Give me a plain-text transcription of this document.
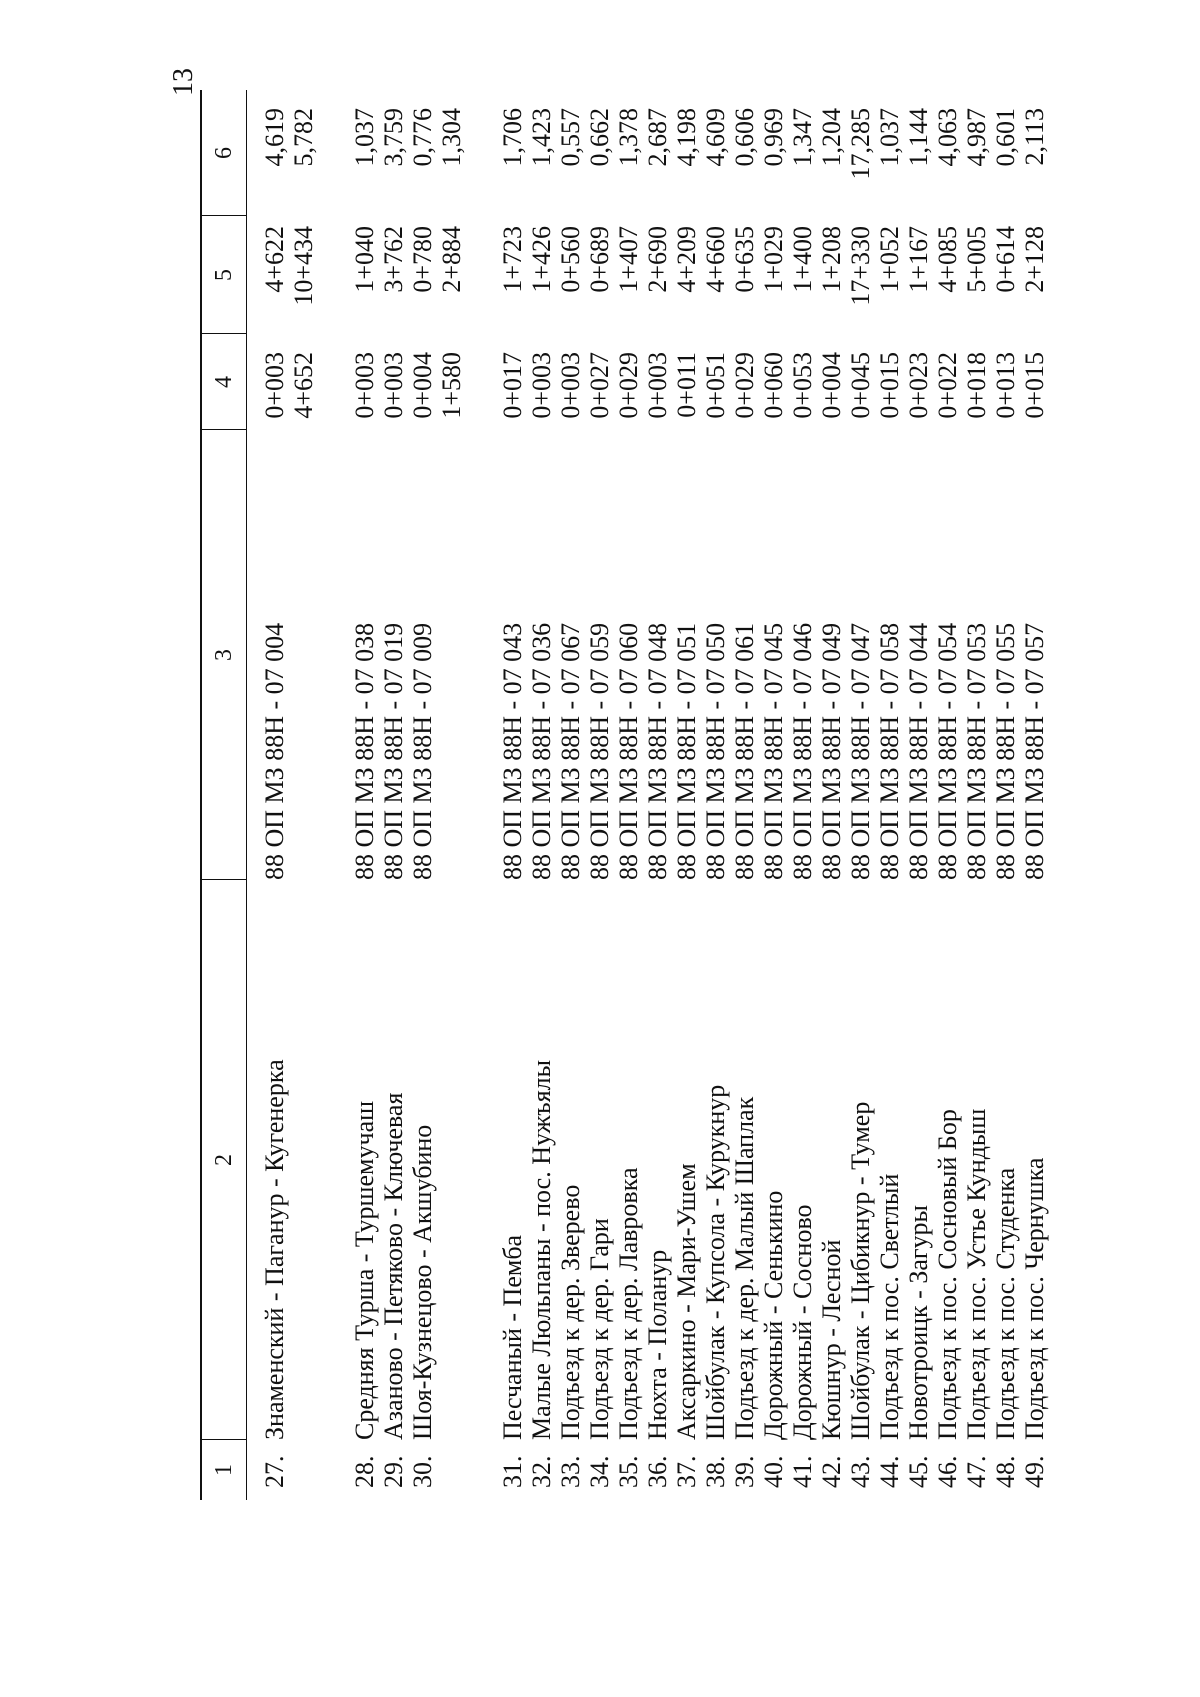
13
1
2
3
4
5
6
27.
Знаменский - Паганур - Кугенерка
88 ОП МЗ 88Н - 07 004
0+003
4+622
4,619
4+652
10+434
5,782
28.
Средняя Турша - Туршемучаш
88 ОП МЗ 88Н - 07 038
0+003
1+040
1,037
29.
Азаново - Петяково - Ключевая
88 ОП МЗ 88Н - 07 019
0+003
3+762
3,759
30.
Шоя-Кузнецово - Акшубино
88 ОП МЗ 88Н - 07 009
0+004
0+780
0,776
1+580
2+884
1,304
31.
Песчаный - Пемба
88 ОП МЗ 88Н - 07 043
0+017
1+723
1,706
32.
Малые Люльпаны - пос. Нужъялы
88 ОП МЗ 88Н - 07 036
0+003
1+426
1,423
33.
Подъезд к дер. Зверево
88 ОП МЗ 88Н - 07 067
0+003
0+560
0,557
34.
Подъезд к дер. Гари
88 ОП МЗ 88Н - 07 059
0+027
0+689
0,662
35.
Подъезд к дер. Лавровка
88 ОП МЗ 88Н - 07 060
0+029
1+407
1,378
36.
Нюхта - Поланур
88 ОП МЗ 88Н - 07 048
0+003
2+690
2,687
37.
Аксаркино - Мари-Ушем
88 ОП МЗ 88Н - 07 051
0+011
4+209
4,198
38.
Шойбулак - Купсола - Курукнур
88 ОП МЗ 88Н - 07 050
0+051
4+660
4,609
39.
Подъезд к дер. Малый Шаплак
88 ОП МЗ 88Н - 07 061
0+029
0+635
0,606
40.
Дорожный - Сенькино
88 ОП МЗ 88Н - 07 045
0+060
1+029
0,969
41.
Дорожный - Сосново
88 ОП МЗ 88Н - 07 046
0+053
1+400
1,347
42.
Кюшнур - Лесной
88 ОП МЗ 88Н - 07 049
0+004
1+208
1,204
43.
Шойбулак - Цибикнур - Тумер
88 ОП МЗ 88Н - 07 047
0+045
17+330
17,285
44.
Подъезд к пос. Светлый
88 ОП МЗ 88Н - 07 058
0+015
1+052
1,037
45.
Новотроицк - Загуры
88 ОП МЗ 88Н - 07 044
0+023
1+167
1,144
46.
Подъезд к пос. Сосновый Бор
88 ОП МЗ 88Н - 07 054
0+022
4+085
4,063
47.
Подъезд к пос. Устье Кундыш
88 ОП МЗ 88Н - 07 053
0+018
5+005
4,987
48.
Подъезд к пос. Студенка
88 ОП МЗ 88Н - 07 055
0+013
0+614
0,601
49.
Подъезд к пос. Чернушка
88 ОП МЗ 88Н - 07 057
0+015
2+128
2,113
